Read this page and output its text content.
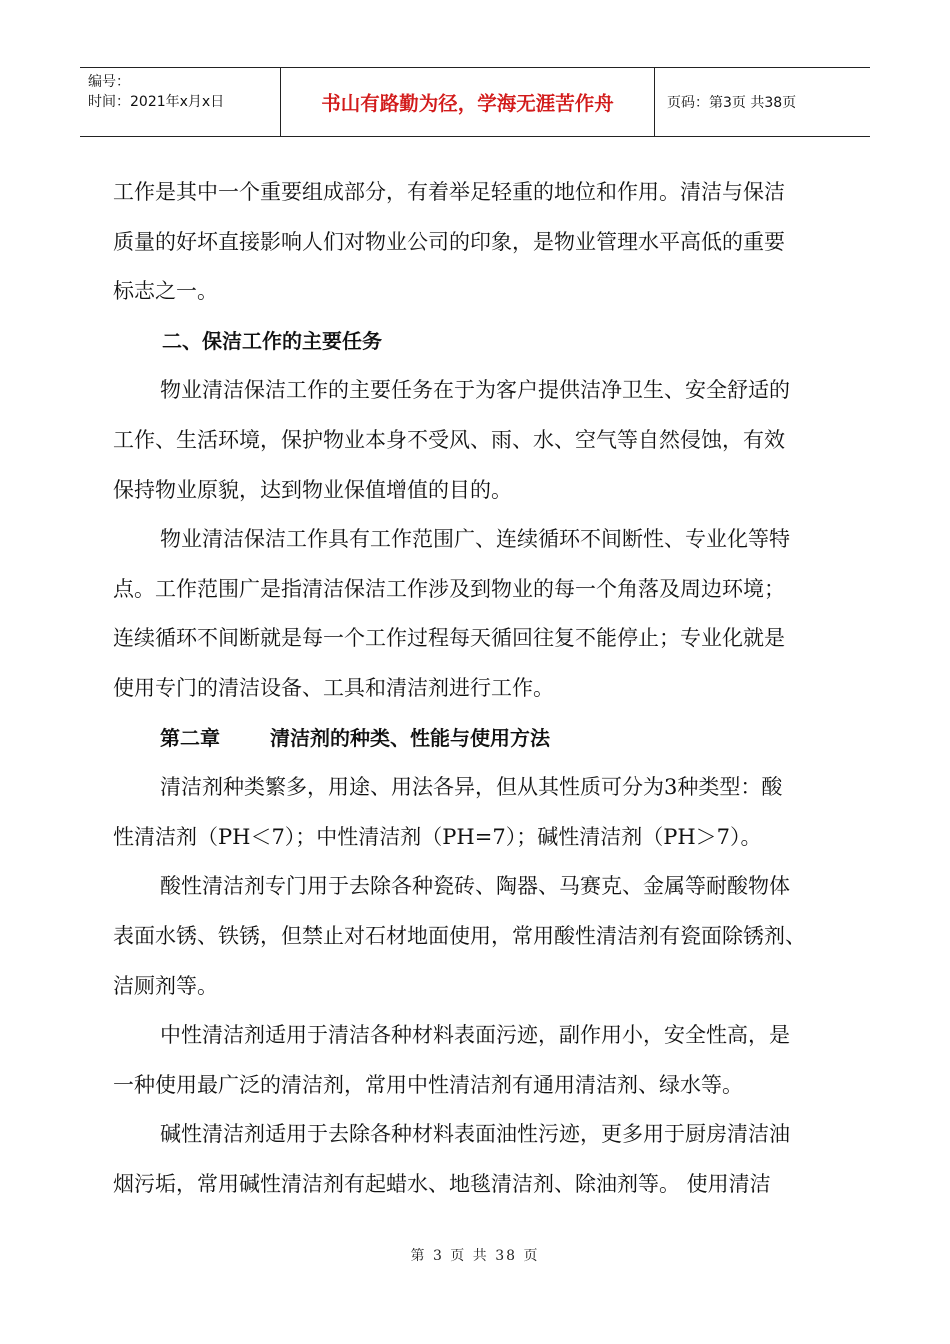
编号：
时间：2021年x月x日	书山有路勤为径，学海无涯苦作舟	页码：第3页 共38页
工作是其中一个重要组成部分，有着举足轻重的地位和作用。清洁与保洁
质量的好坏直接影响人们对物业公司的印象，是物业管理水平高低的重要
标志之一。
二、保洁工作的主要任务
物业清洁保洁工作的主要任务在于为客户提供洁净卫生、安全舒适的
工作、生活环境，保护物业本身不受风、雨、水、空气等自然侵蚀，有效
保持物业原貌，达到物业保值增值的目的。
物业清洁保洁工作具有工作范围广、连续循环不间断性、专业化等特
点。工作范围广是指清洁保洁工作涉及到物业的每一个角落及周边环境；
连续循环不间断就是每一个工作过程每天循回往复不能停止；专业化就是
使用专门的清洁设备、工具和清洁剂进行工作。
第二章	清洁剂的种类、性能与使用方法
清洁剂种类繁多，用途、用法各异，但从其性质可分为3种类型：酸
性清洁剂（PH＜7）；中性清洁剂（PH=7）；碱性清洁剂（PH＞7）。
酸性清洁剂专门用于去除各种瓷砖、陶器、马赛克、金属等耐酸物体
表面水锈、铁锈，但禁止对石材地面使用，常用酸性清洁剂有瓷面除锈剂、
洁厕剂等。
中性清洁剂适用于清洁各种材料表面污迹，副作用小，安全性高，是
一种使用最广泛的清洁剂，常用中性清洁剂有通用清洁剂、绿水等。
碱性清洁剂适用于去除各种材料表面油性污迹，更多用于厨房清洁油
烟污垢，常用碱性清洁剂有起蜡水、地毯清洁剂、除油剂等。 使用清洁
第 3 页 共 38 页
